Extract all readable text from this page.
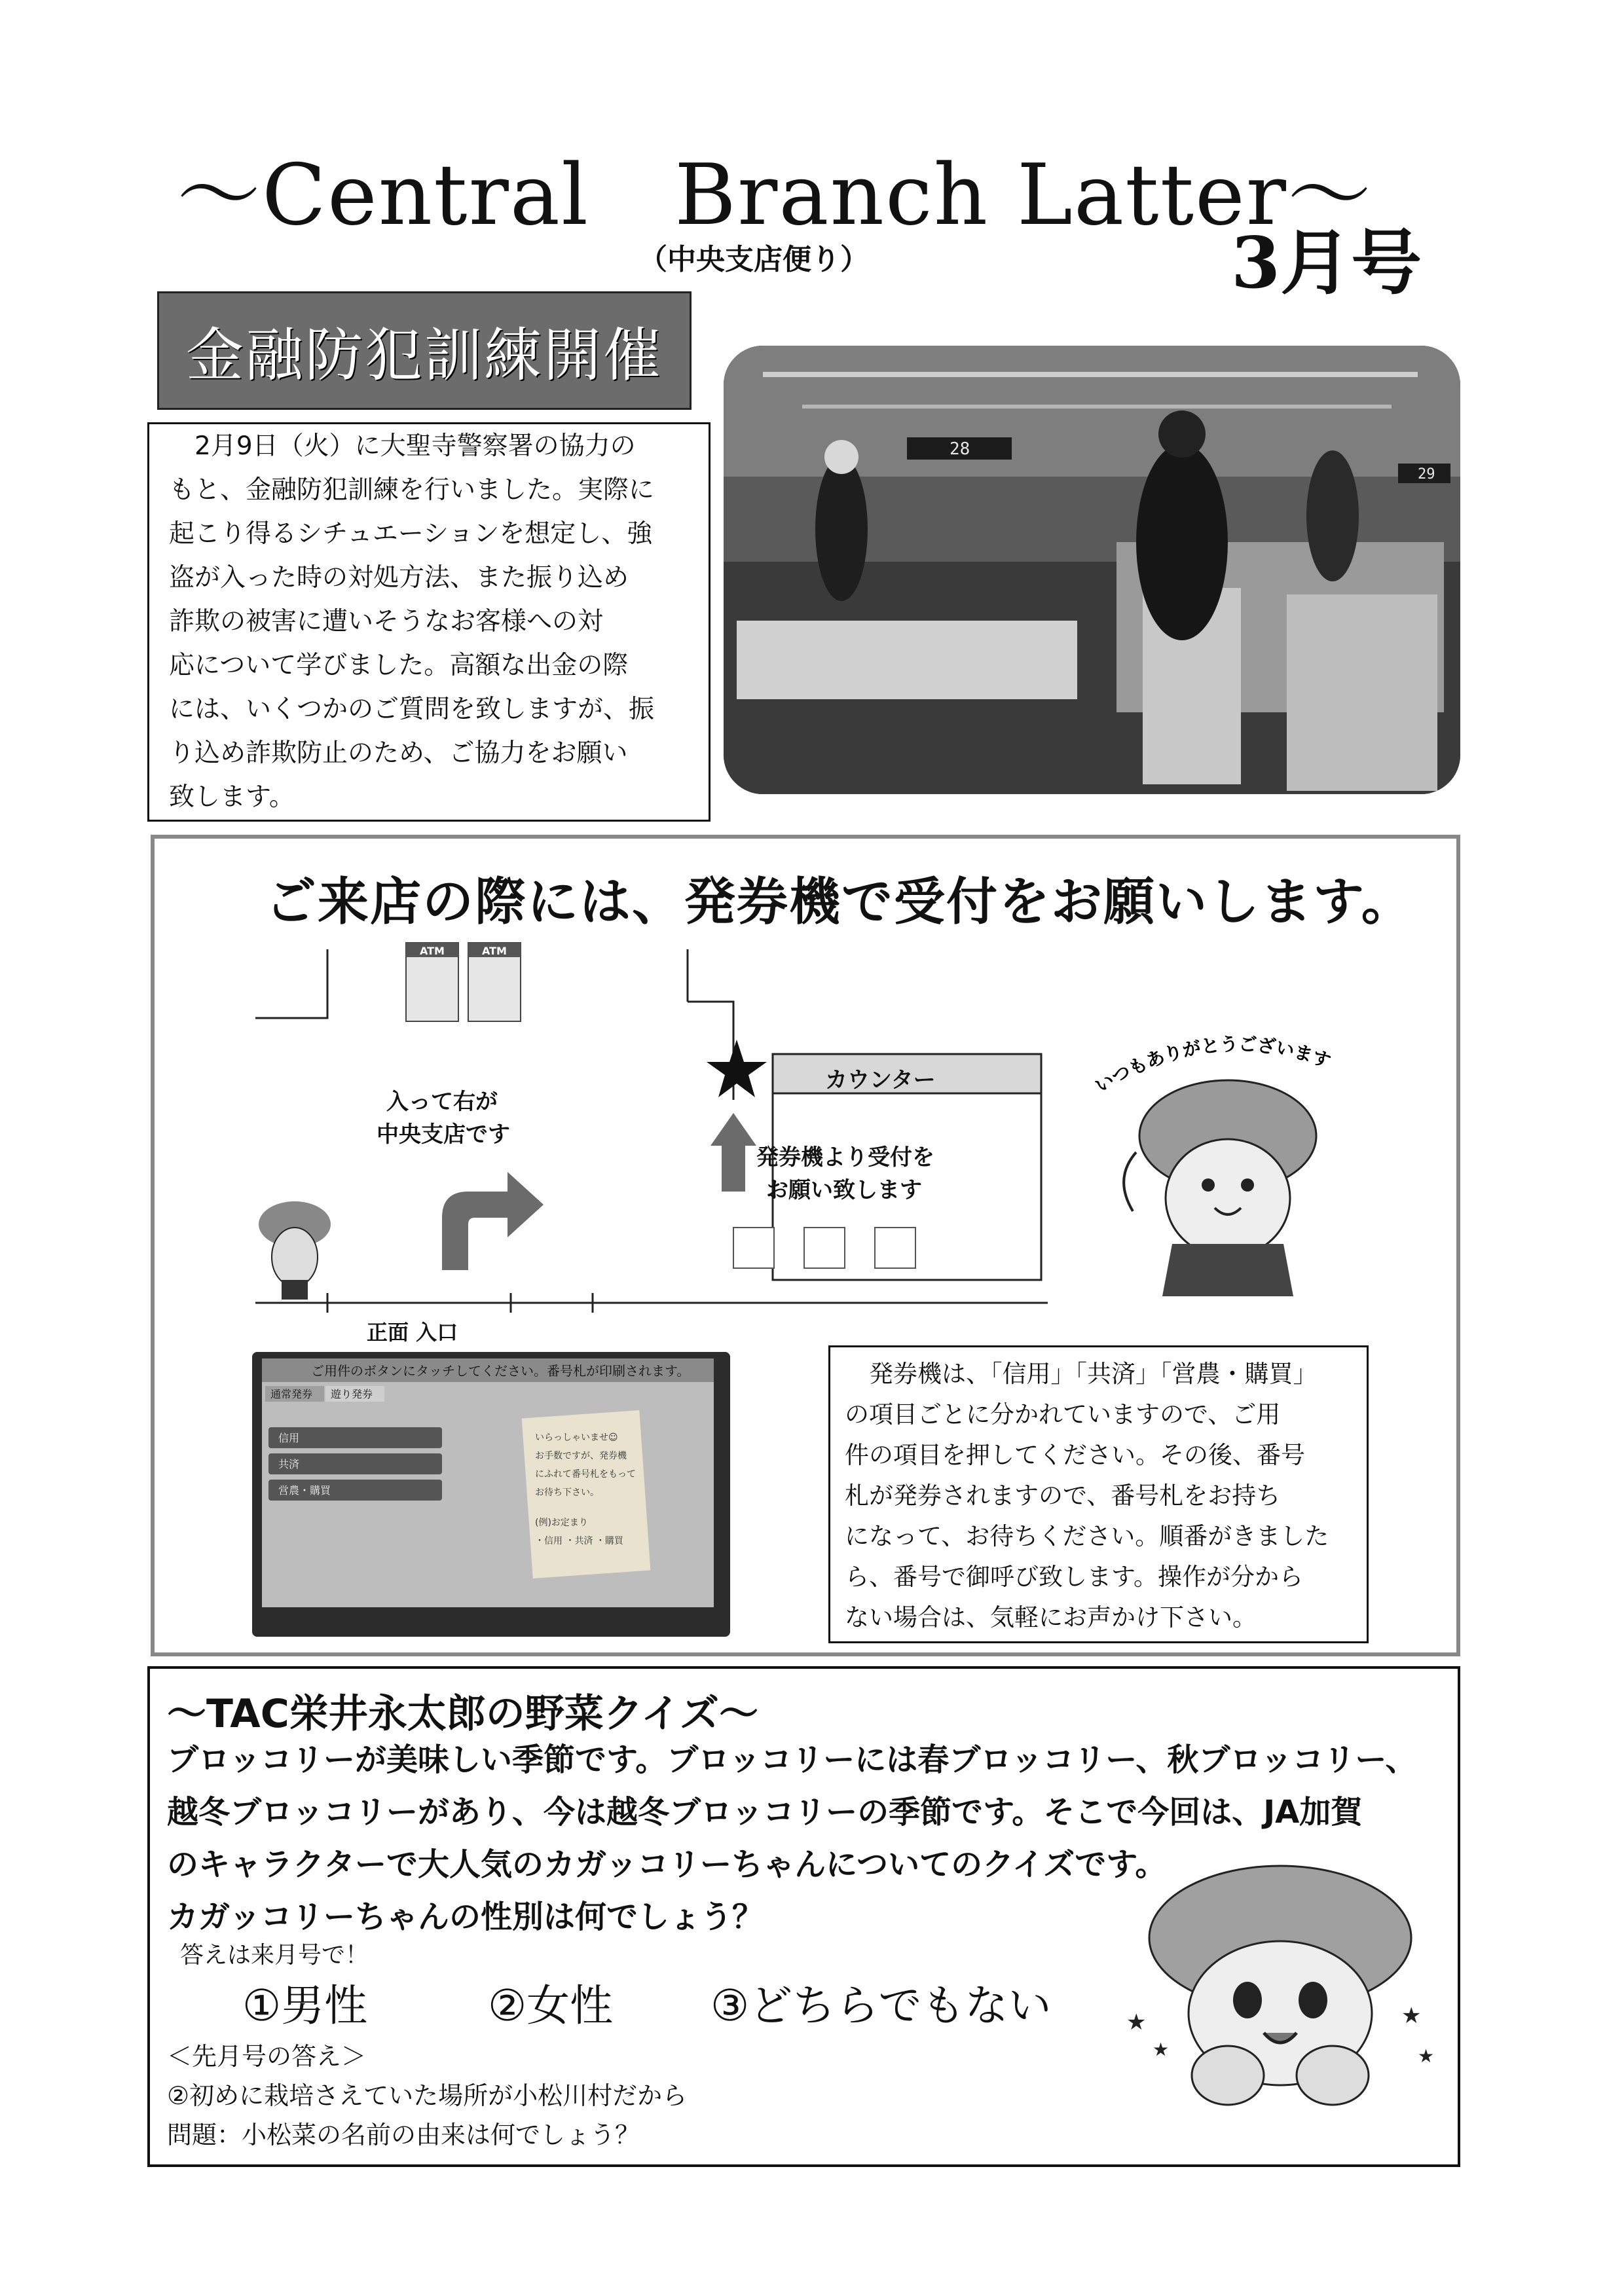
～Central　Branch Latter～
（中央支店便り）	3月号
金融防犯訓練開催

　2月9日（火）に大聖寺警察署の協力の

もと、金融防犯訓練を行いました。実際に

起こり得るシチュエーションを想定し、強

盗が入った時の対処方法、また振り込め

詐欺の被害に遭いそうなお客様への対

応について学びました。高額な出金の際

には、いくつかのご質問を致しますが、振

り込め詐欺防止のため、ご協力をお願い

致します。

28
29
ご来店の際には、発券機で受付をお願いします。
ATM	ATM
入って右が
中央支店です
カウンター
発券機より受付を
お願い致します
正面 入口
いつもありがとうございます
ご用件のボタンにタッチしてください。番号札が印刷されます。
通常発券 遊り発券
信用
共済
営農・購買
いらっしゃいませ☺
お手数ですが、発券機
にふれて番号札をもって
お待ち下さい。
(例)お定まり
・信用 ・共済 ・購買

　発券機は、「信用」「共済」「営農・購買」

の項目ごとに分かれていますので、ご用

件の項目を押してください。その後、番号

札が発券されますので、番号札をお持ち

になって、お待ちください。順番がきました

ら、番号で御呼び致します。操作が分から

ない場合は、気軽にお声かけ下さい。

～TAC栄井永太郎の野菜クイズ～

ブロッコリーが美味しい季節です。ブロッコリーには春ブロッコリー、秋ブロッコリー、

越冬ブロッコリーがあり、今は越冬ブロッコリーの季節です。そこで今回は、JA加賀

のキャラクターで大人気のカガッコリーちゃんについてのクイズです。

カガッコリーちゃんの性別は何でしょう？

答えは来月号で！
①男性	②女性 ③どちらでもない
＜先月号の答え＞
②初めに栽培さえていた場所が小松川村だから
問題：小松菜の名前の由来は何でしょう？
★
★
★
★
